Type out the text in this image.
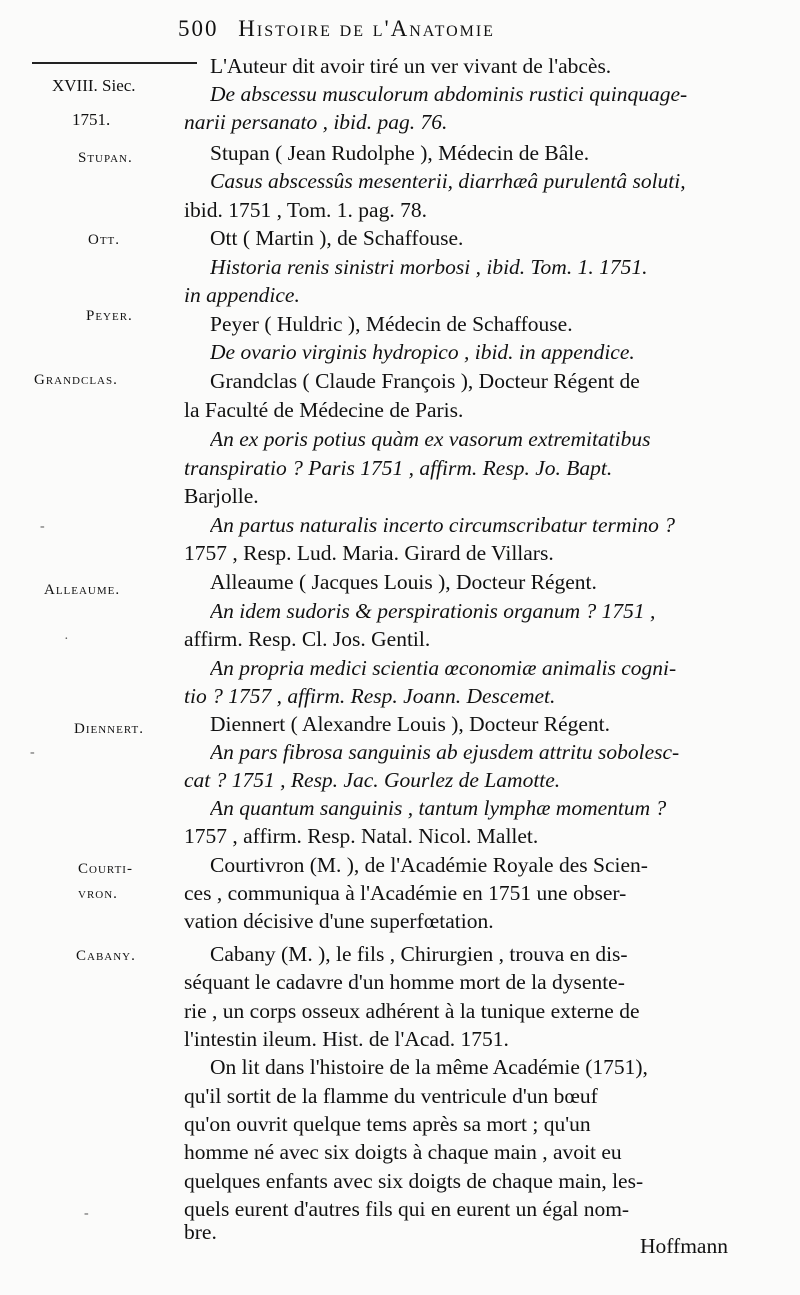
500 Histoire de l'Anatomie
XVIII. Siec.
1751.
Stupan.
Ott.
Peyer.
Grandclas.
Alleaume.
Diennert.
Courti-
vron.
Cabany.
L'Auteur dit avoir tiré un ver vivant de l'abcès.
De abscessu musculorum abdominis rustici quinquage-
narii persanato , ibid. pag. 76.
Stupan ( Jean Rudolphe ), Médecin de Bâle.
Casus abscessûs mesenterii, diarrhæâ purulentâ soluti,
ibid. 1751 , Tom. 1. pag. 78.
Ott ( Martin ), de Schaffouse.
Historia renis sinistri morbosi , ibid. Tom. 1. 1751.
in appendice.
Peyer ( Huldric ), Médecin de Schaffouse.
De ovario virginis hydropico , ibid. in appendice.
Grandclas ( Claude François ), Docteur Régent de
la Faculté de Médecine de Paris.
An ex poris potius quàm ex vasorum extremitatibus
transpiratio ? Paris 1751 , affirm. Resp. Jo. Bapt.
Barjolle.
An partus naturalis incerto circumscribatur termino ?
1757 , Resp. Lud. Maria. Girard de Villars.
Alleaume ( Jacques Louis ), Docteur Régent.
An idem sudoris & perspirationis organum ? 1751 ,
affirm. Resp. Cl. Jos. Gentil.
An propria medici scientia œconomiæ animalis cogni-
tio ? 1757 , affirm. Resp. Joann. Descemet.
Diennert ( Alexandre Louis ), Docteur Régent.
An pars fibrosa sanguinis ab ejusdem attritu sobolesc-
cat ? 1751 , Resp. Jac. Gourlez de Lamotte.
An quantum sanguinis , tantum lymphæ momentum ?
1757 , affirm. Resp. Natal. Nicol. Mallet.
Courtivron (M. ), de l'Académie Royale des Scien-
ces , communiqua à l'Académie en 1751 une obser-
vation décisive d'une superfœtation.
Cabany (M. ), le fils , Chirurgien , trouva en dis-
séquant le cadavre d'un homme mort de la dysente-
rie , un corps osseux adhérent à la tunique externe de
l'intestin ileum. Hist. de l'Acad. 1751.
On lit dans l'histoire de la même Académie (1751),
qu'il sortit de la flamme du ventricule d'un bœuf
qu'on ouvrit quelque tems après sa mort ; qu'un
homme né avec six doigts à chaque main , avoit eu
quelques enfants avec six doigts de chaque main, les-
quels eurent d'autres fils qui en eurent un égal nom-
bre.
Hoffmann
-
·
-
-
